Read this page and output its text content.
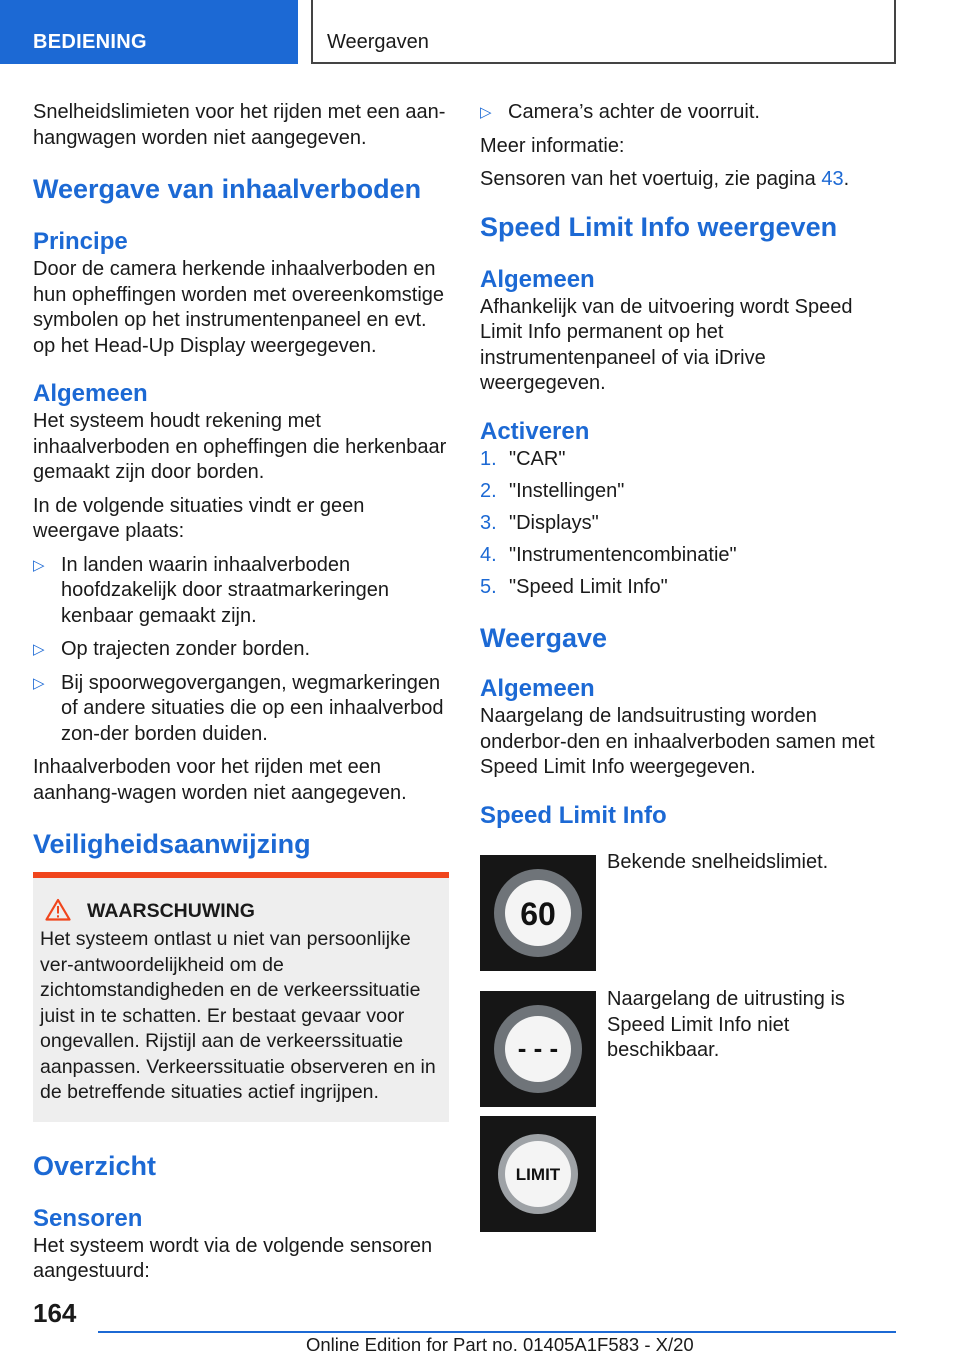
BEDIENING	Weergaven

Snelheidslimieten voor het rijden met een aan-
hangwagen worden niet aangegeven.

Weergave van inhaalverboden
Principe

Door de camera herkende inhaalverboden en hun opheffingen worden met overeenkomstige symbolen op het instrumentenpaneel en evt. op het Head-Up Display weergegeven.

Algemeen

Het systeem houdt rekening met inhaalverboden en opheffingen die herkenbaar gemaakt zijn door borden.

In de volgende situaties vindt er geen weergave plaats:

▷ In landen waarin inhaalverboden hoofdzakelijk door straatmarkeringen kenbaar gemaakt zijn.
▷ Op trajecten zonder borden.
▷ Bij spoorwegovergangen, wegmarkeringen of andere situaties die op een inhaalverbod zon-der borden duiden.

Inhaalverboden voor het rijden met een aanhang-wagen worden niet aangegeven.

Veiligheidsaanwijzing
WAARSCHUWING

Het systeem ontlast u niet van persoonlijke ver-antwoordelijkheid om de zichtomstandigheden en de verkeerssituatie juist in te schatten. Er bestaat gevaar voor ongevallen. Rijstijl aan de verkeerssituatie aanpassen. Verkeerssituatie observeren en in de betreffende situaties actief ingrijpen.

Overzicht
Sensoren

Het systeem wordt via de volgende sensoren aangestuurd:

▷ Camera’s achter de voorruit.

Meer informatie:

Sensoren van het voertuig, zie pagina 43.

Speed Limit Info weergeven
Algemeen

Afhankelijk van de uitvoering wordt Speed Limit Info permanent op het instrumentenpaneel of via iDrive weergegeven.

Activeren
1. "CAR"
2. "Instellingen"
3. "Displays"
4. "Instrumentencombinatie"
5. "Speed Limit Info"
Weergave
Algemeen

Naargelang de landsuitrusting worden onderbor-den en inhaalverboden samen met Speed Limit Info weergegeven.

Speed Limit Info
60
Bekende snelheidslimiet.
- - -
Naargelang de uitrusting is Speed Limit Info niet beschikbaar.
LIMIT
164
Online Edition for Part no. 01405A1F583 - X/20
